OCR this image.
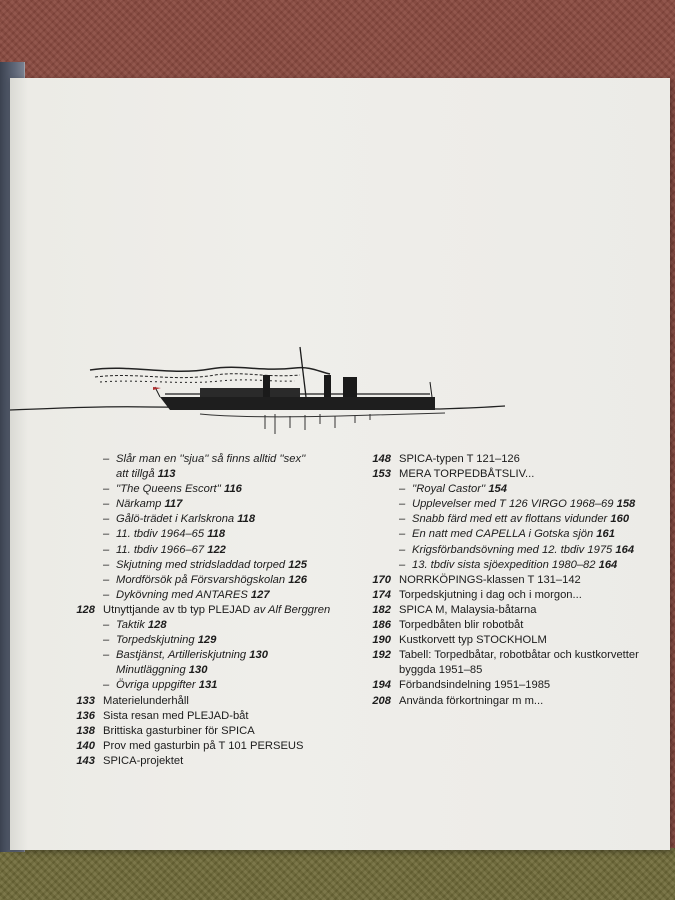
– Slår man en ''sjua'' så finns alltid ''sex''
att tillgå 113
– ''The Queens Escort'' 116
– Närkamp 117
– Gålö-trädet i Karlskrona 118
– 11. tbdiv 1964–65 118
– 11. tbdiv 1966–67 122
– Skjutning med stridsladdad torped 125
– Mordförsök på Försvarshögskolan 126
– Dykövning med ANTARES 127
128 Utnyttjande av tb typ PLEJAD av Alf Berggren
– Taktik 128
– Torpedskjutning 129
– Bastjänst, Artilleriskjutning 130
Minutläggning 130
– Övriga uppgifter 131
133 Materielunderhåll
136 Sista resan med PLEJAD-båt
138 Brittiska gasturbiner för SPICA
140 Prov med gasturbin på T 101 PERSEUS
143 SPICA-projektet
148 SPICA-typen T 121–126
153 MERA TORPEDBÅTSLIV...
– ''Royal Castor'' 154
– Upplevelser med T 126 VIRGO 1968–69 158
– Snabb färd med ett av flottans vidunder 160
– En natt med CAPELLA i Gotska sjön 161
– Krigsförbandsövning med 12. tbdiv 1975 164
– 13. tbdiv sista sjöexpedition 1980–82 164
170 NORRKÖPINGS-klassen T 131–142
174 Torpedskjutning i dag och i morgon...
182 SPICA M, Malaysia-båtarna
186 Torpedbåten blir robotbåt
190 Kustkorvett typ STOCKHOLM
192 Tabell: Torpedbåtar, robotbåtar och kustkorvetter
byggda 1951–85
194 Förbandsindelning 1951–1985
208 Använda förkortningar m m...
